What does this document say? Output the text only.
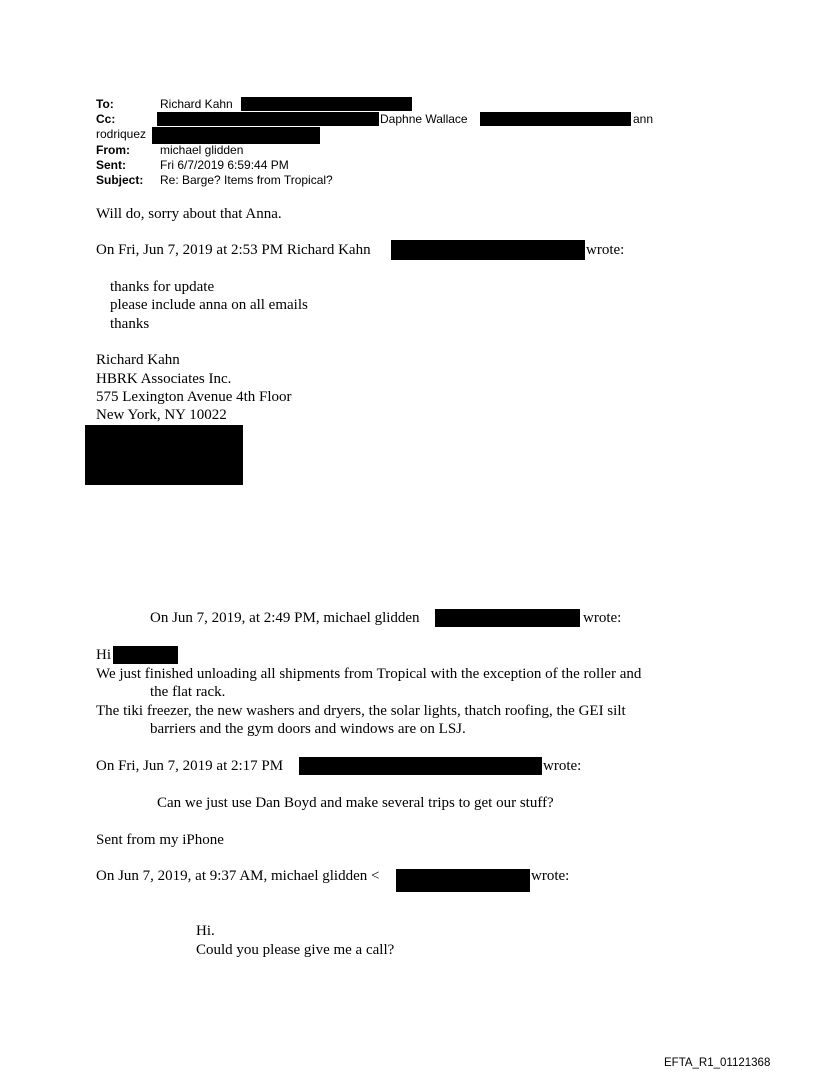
To:	Richard Kahn
Cc:	Daphne Wallace	ann
rodriquez
From:	michael glidden
Sent:	Fri 6/7/2019 6:59:44 PM
Subject: Re: Barge? Items from Tropical?
Will do, sorry about that Anna.
On Fri, Jun 7, 2019 at 2:53 PM Richard Kahn	wrote:
thanks for update
please include anna on all emails
thanks
Richard Kahn
HBRK Associates Inc.
575 Lexington Avenue 4th Floor
New York, NY 10022
On Jun 7, 2019, at 2:49 PM, michael glidden	wrote:
Hi
We just finished unloading all shipments from Tropical with the exception of the roller and
the flat rack.
The tiki freezer, the new washers and dryers, the solar lights, thatch roofing, the GEI silt
barriers and the gym doors and windows are on LSJ.
On Fri, Jun 7, 2019 at 2:17 PM	wrote:
Can we just use Dan Boyd and make several trips to get our stuff?
Sent from my iPhone
On Jun 7, 2019, at 9:37 AM, michael glidden <	wrote:
Hi.
Could you please give me a call?
EFTA_R1_01121368
